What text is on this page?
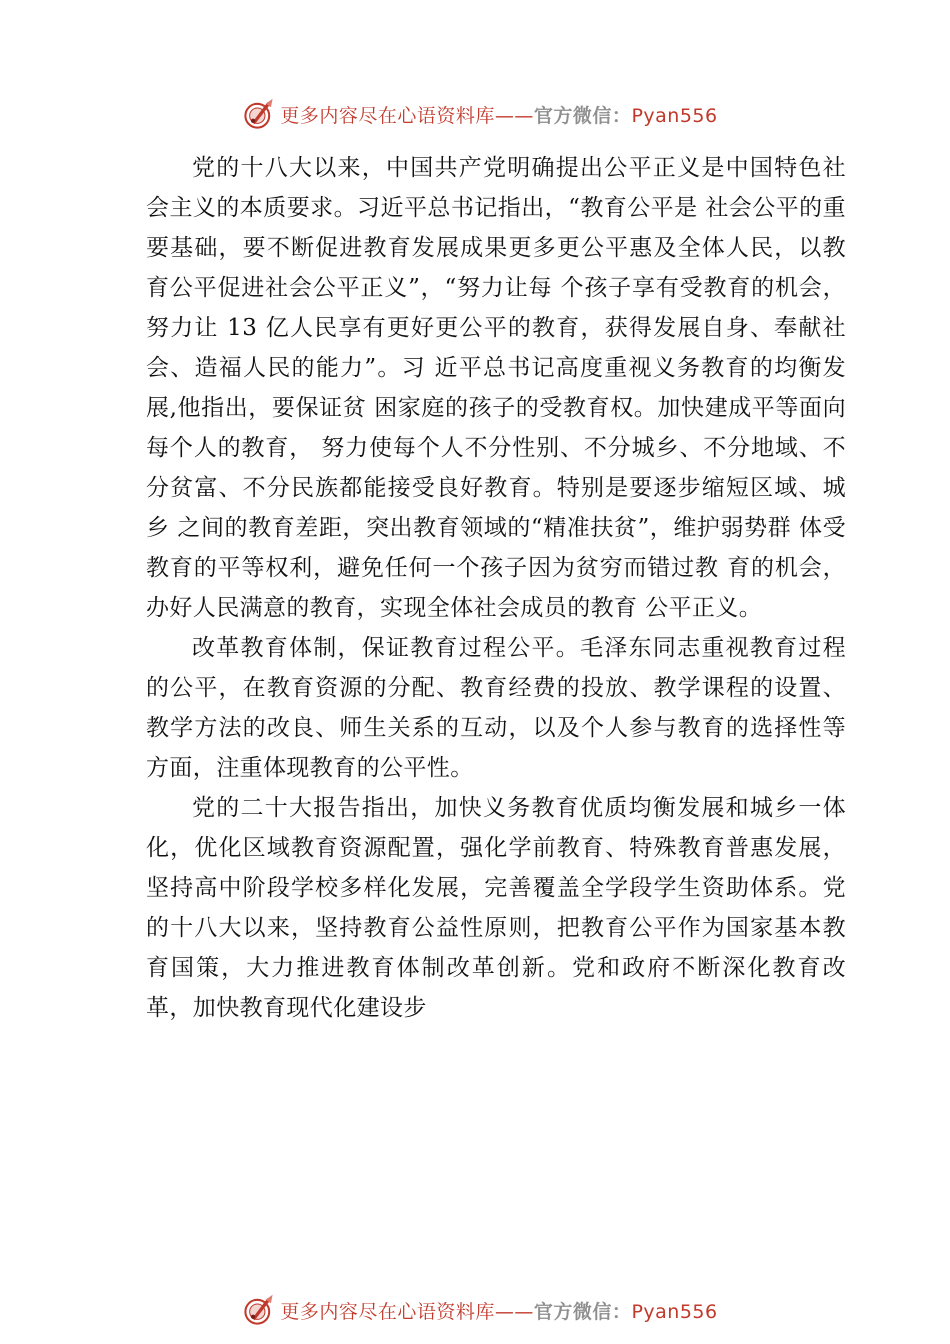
更多内容尽在心语资料库——官方微信：Pyan556

党的十八大以来，中国共产党明确提出公平正义是中国特色社会主义的本质要求。习近平总书记指出，“教育公平是 社会公平的重要基础，要不断促进教育发展成果更多更公平惠及全体人民，以教育公平促进社会公平正义”，“努力让每 个孩子享有受教育的机会，努力让 13 亿人民享有更好更公平的教育，获得发展自身、奉献社会、造福人民的能力”。习 近平总书记高度重视义务教育的均衡发展,他指出，要保证贫 困家庭的孩子的受教育权。加快建成平等面向每个人的教育， 努力使每个人不分性别、不分城乡、不分地域、不分贫富、不分民族都能接受良好教育。特别是要逐步缩短区域、城乡 之间的教育差距，突出教育领域的“精准扶贫”，维护弱势群 体受教育的平等权利，避免任何一个孩子因为贫穷而错过教 育的机会，办好人民满意的教育，实现全体社会成员的教育 公平正义。

改革教育体制，保证教育过程公平。毛泽东同志重视教育过程的公平，在教育资源的分配、教育经费的投放、教学课程的设置、教学方法的改良、师生关系的互动，以及个人参与教育的选择性等方面，注重体现教育的公平性。

党的二十大报告指出，加快义务教育优质均衡发展和城乡一体化，优化区域教育资源配置，强化学前教育、特殊教育普惠发展，坚持高中阶段学校多样化发展，完善覆盖全学段学生资助体系。党的十八大以来，坚持教育公益性原则，把教育公平作为国家基本教育国策，大力推进教育体制改革创新。党和政府不断深化教育改革，加快教育现代化建设步

更多内容尽在心语资料库——官方微信：Pyan556
